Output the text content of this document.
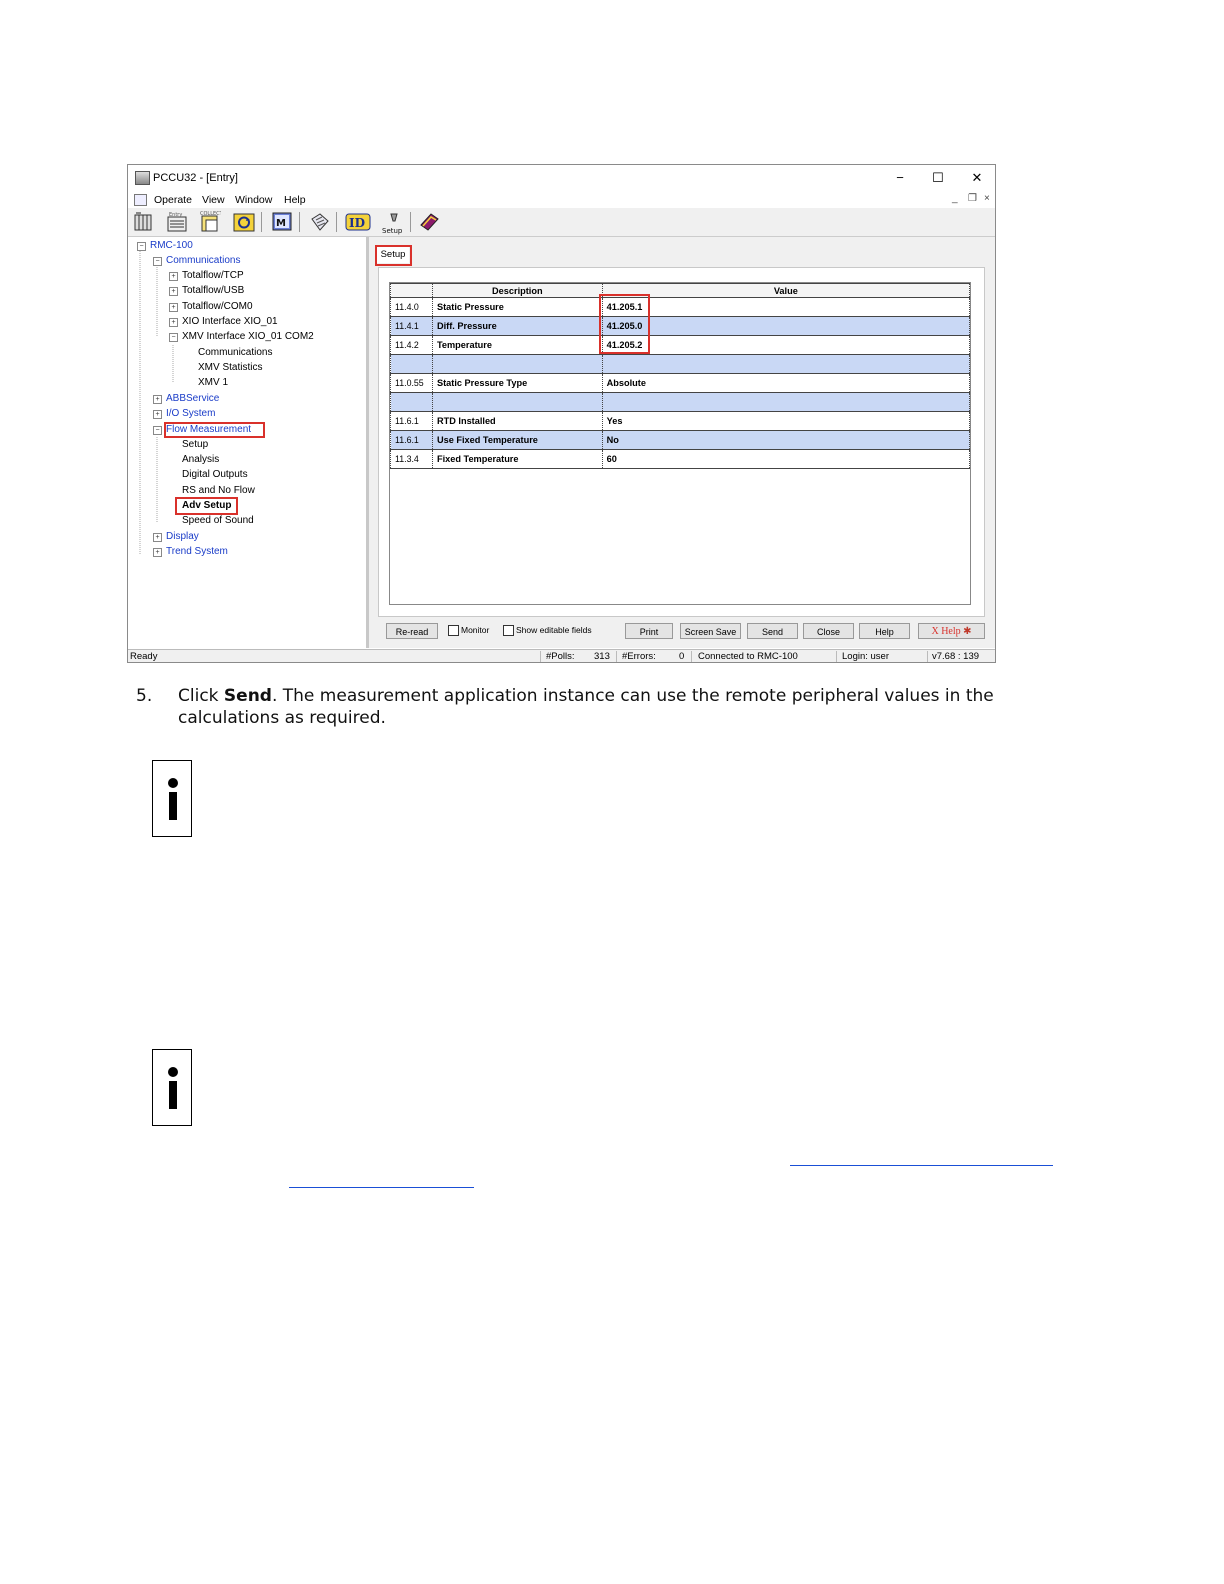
PCCU32 - [Entry]	−	☐	✕
Operate View Window Help	_ ❐ ×
Entry	COLLECT
M	ID
Setup
− RMC-100
− Communications
+ Totalflow/TCP
+ Totalflow/USB
+ Totalflow/COM0
+ XIO Interface XIO_01
− XMV Interface XIO_01 COM2
Communications
XMV Statistics
XMV 1
+ ABBService
+ I/O System
− Flow Measurement
Setup
Analysis
Digital Outputs
RS and No Flow
Adv Setup
Speed of Sound
+ Display
+ Trend System
Setup
	Description	Value
11.4.0	Static Pressure	41.205.1
11.4.1	Diff. Pressure	41.205.0
11.4.2	Temperature	41.205.2

11.0.55	Static Pressure Type	Absolute

11.6.1	RTD Installed	Yes
11.6.1	Use Fixed Temperature	No
11.3.4	Fixed Temperature	60
Re-read	Monitor	Show editable fields	Print	Screen Save	Send	Close	Help	X Help ✱
Ready	#Polls: 313 #Errors: 0 Connected to RMC-100	Login: user	v7.68 : 139
5. Click Send. The measurement application instance can use the remote peripheral values in the
calculations as required.
